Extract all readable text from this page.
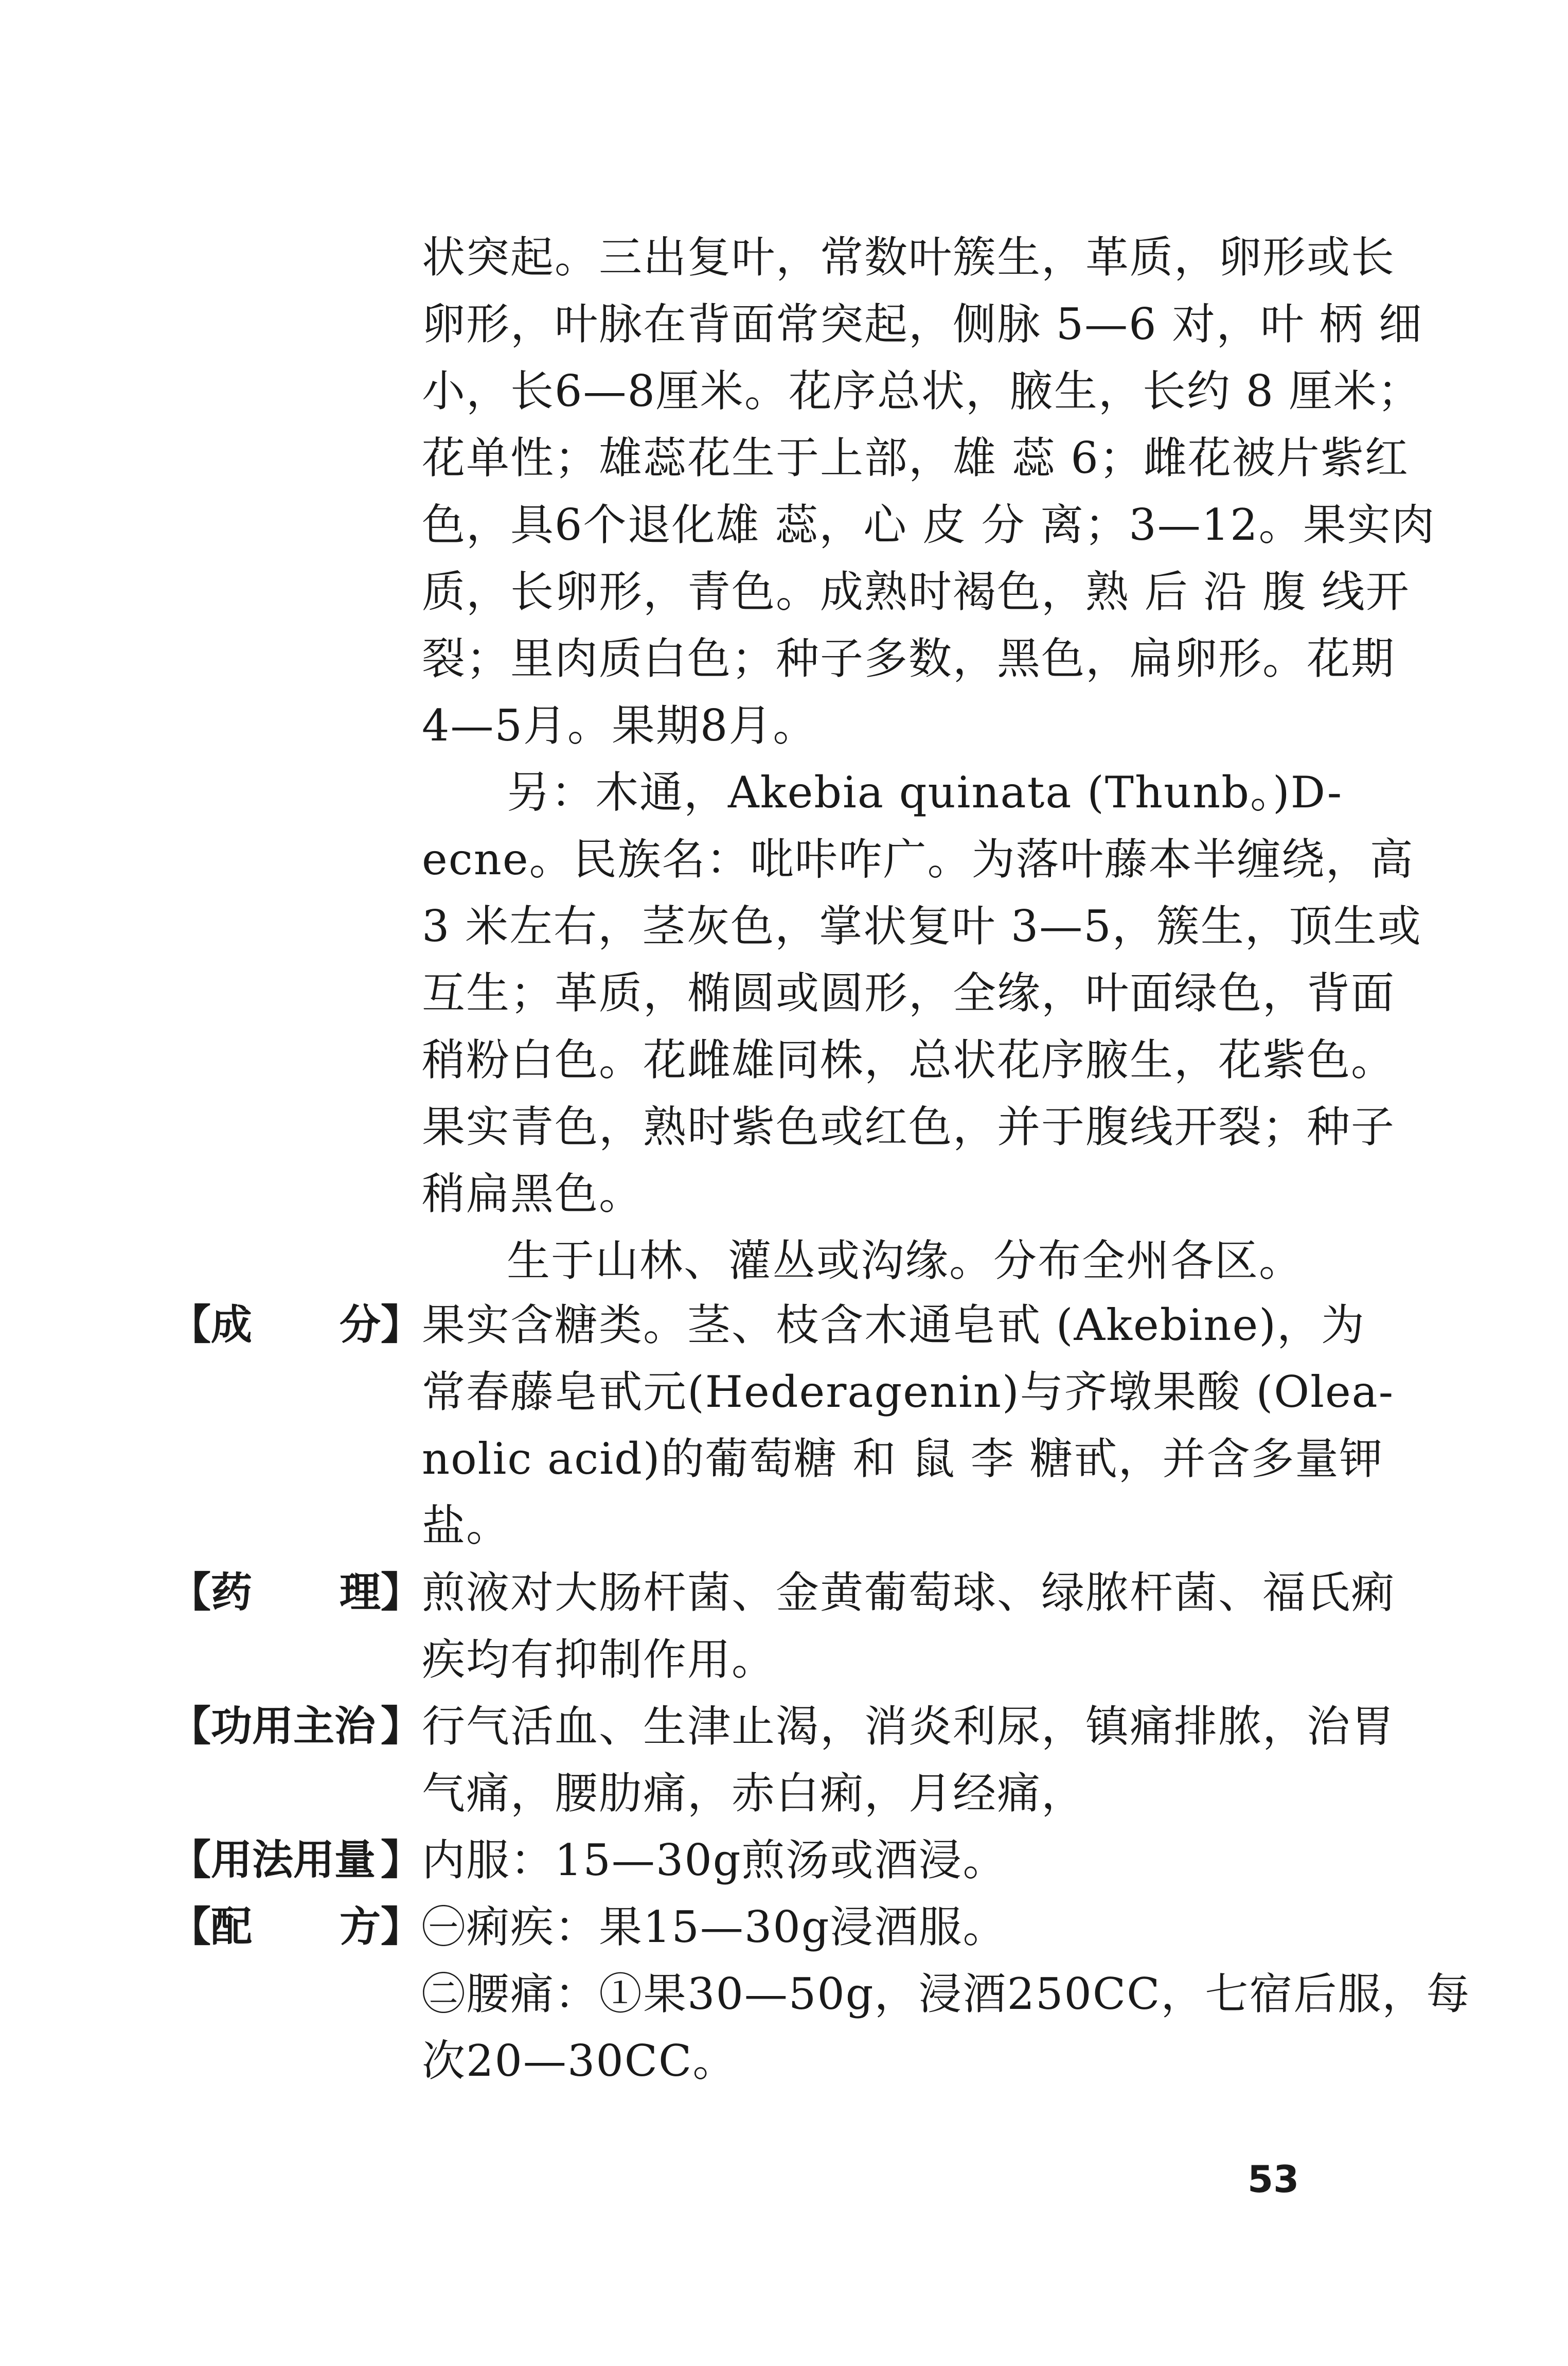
状突起。三出复叶，常数叶簇生，革质，卵形或长
卵形，叶脉在背面常突起，侧脉 5—6 对，叶 柄 细
小，长6—8厘米。花序总状，腋生，长约 8 厘米；
花单性；雄蕊花生于上部，雄 蕊 6；雌花被片紫红
色，具6个退化雄 蕊，心 皮 分 离；3—12。果实肉
质，长卵形，青色。成熟时褐色，熟 后 沿 腹 线开
裂；里肉质白色；种子多数，黑色，扁卵形。花期
4—5月。果期8月。
另：木通，Akebia quinata (Thunb。)D-
ecne。民族名：吡咔咋广。为落叶藤本半缠绕，高
3 米左右，茎灰色，掌状复叶 3—5，簇生，顶生或
互生；革质，椭圆或圆形，全缘，叶面绿色，背面
稍粉白色。花雌雄同株，总状花序腋生，花紫色。
果实青色，熟时紫色或红色，并于腹线开裂；种子
稍扁黑色。
生于山林、灌丛或沟缘。分布全州各区。
【 成 分 】 果实含糖类。茎、枝含木通皂甙 (Akebine)，为
常春藤皂甙元(Hederagenin)与齐墩果酸 (Olea-
nolic acid)的葡萄糖 和 鼠 李 糖甙，并含多量钾
盐。
【 药 理 】 煎液对大肠杆菌、金黄葡萄球、绿脓杆菌、福氏痢
疾均有抑制作用。
【 功用主治 】 行气活血、生津止渴，消炎利尿，镇痛排脓，治胃
气痛，腰肋痛，赤白痢，月经痛，
【 用法用量 】 内服：15—30g煎汤或酒浸。
【 配 方 】 ㊀痢疾：果15—30g浸酒服。
㊁腰痛：①果30—50g，浸酒250CC，七宿后服，每
次20—30CC。
53
